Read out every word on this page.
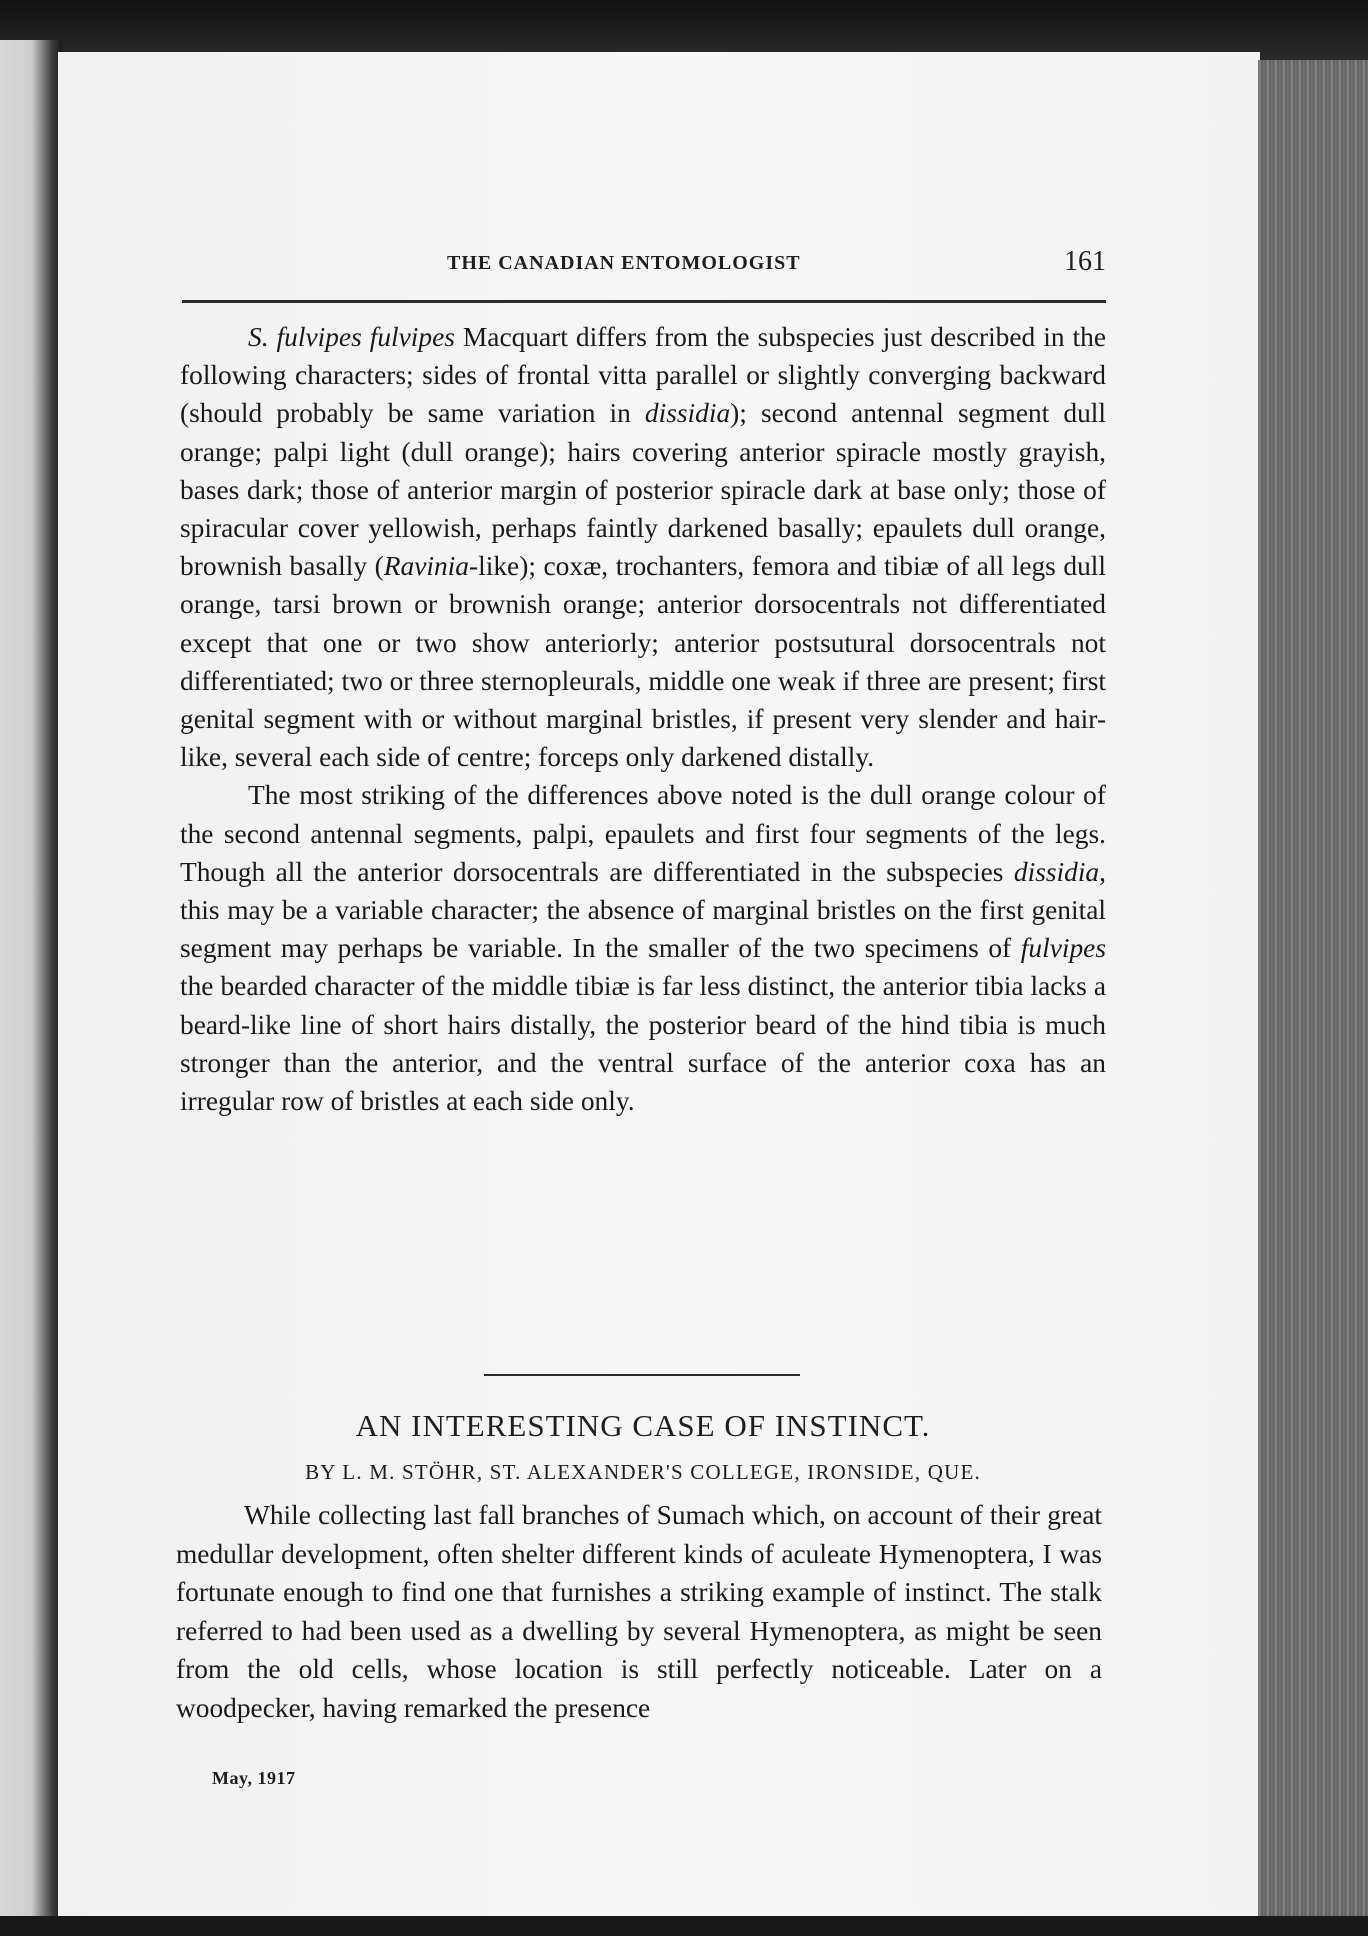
THE CANADIAN ENTOMOLOGIST	161

S. fulvipes fulvipes Macquart differs from the subspecies just described in the following characters; sides of frontal vitta parallel or slightly converging backward (should probably be same variation in dissidia); second antennal segment dull orange; palpi light (dull orange); hairs covering anterior spiracle mostly grayish, bases dark; those of anterior margin of posterior spiracle dark at base only; those of spiracular cover yellowish, perhaps faintly darkened basally; epaulets dull orange, brownish basally (Ravinia-like); coxæ, trochanters, femora and tibiæ of all legs dull orange, tarsi brown or brownish orange; anterior dorsocentrals not differentiated except that one or two show anteriorly; anterior postsutural dorsocentrals not differentiated; two or three sternopleurals, middle one weak if three are present; first genital segment with or without marginal bristles, if present very slender and hair-like, several each side of centre; forceps only darkened distally.

The most striking of the differences above noted is the dull orange colour of the second antennal segments, palpi, epaulets and first four segments of the legs. Though all the anterior dorsocentrals are differentiated in the subspecies dissidia, this may be a variable character; the absence of marginal bristles on the first genital segment may perhaps be variable. In the smaller of the two specimens of fulvipes the bearded character of the middle tibiæ is far less distinct, the anterior tibia lacks a beard-like line of short hairs distally, the posterior beard of the hind tibia is much stronger than the anterior, and the ventral surface of the anterior coxa has an irregular row of bristles at each side only.

AN INTERESTING CASE OF INSTINCT.
BY L. M. STÖHR, ST. ALEXANDER'S COLLEGE, IRONSIDE, QUE.

While collecting last fall branches of Sumach which, on account of their great medullar development, often shelter different kinds of aculeate Hymenoptera, I was fortunate enough to find one that furnishes a striking example of instinct. The stalk referred to had been used as a dwelling by several Hymenoptera, as might be seen from the old cells, whose location is still perfectly noticeable. Later on a woodpecker, having remarked the presence

May, 1917
